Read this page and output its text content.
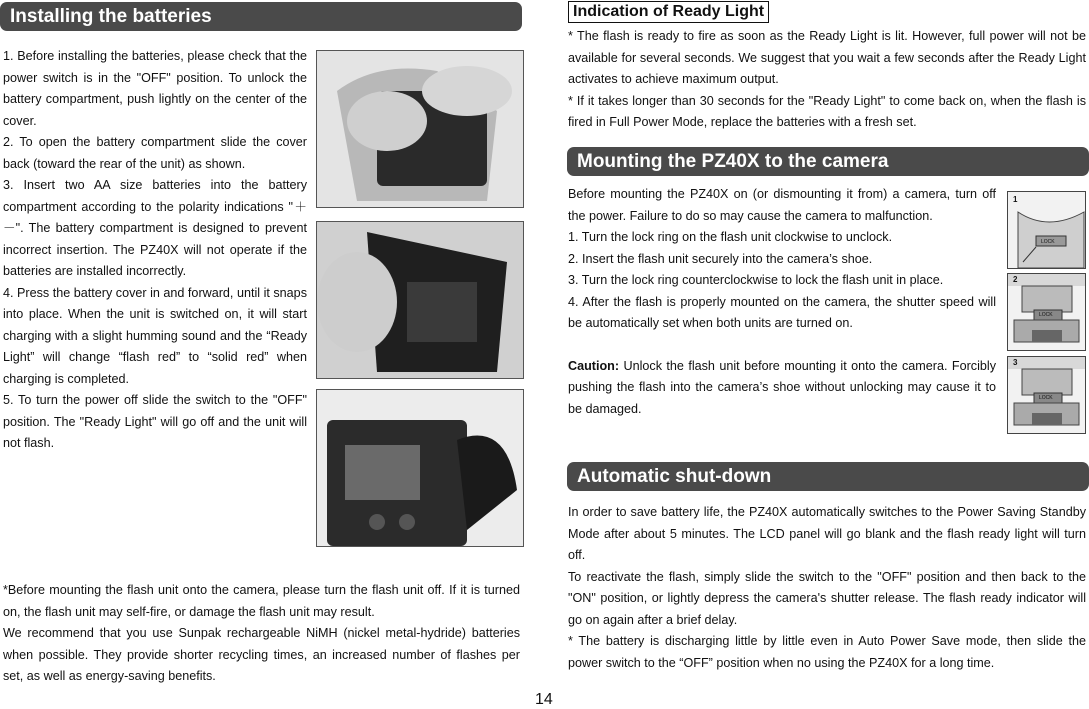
Installing the batteries

1. Before installing the batteries, please check that the power switch is in the "OFF" position. To unlock the battery compartment, push lightly on the center of the cover.

2. To open the battery compartment slide the cover back (toward the rear of the unit) as shown.

3. Insert two AA size batteries into the battery compartment according to the polarity indications "＋－". The battery compartment is designed to prevent incorrect insertion. The PZ40X will not operate if the batteries are installed incorrectly.

4. Press the battery cover in and forward, until it snaps into place. When the unit is switched on, it will start charging with a slight humming sound and the “Ready Light” will change “flash red” to “solid red” when charging is completed.

5. To turn the power off slide the switch to the "OFF" position. The "Ready Light" will go off and the unit will not flash.

*Before mounting the flash unit onto the camera, please turn the flash unit off. If it is turned on, the flash unit may self-fire, or damage the flash unit may result.

We recommend that you use Sunpak rechargeable NiMH (nickel metal-hydride) batteries when possible. They provide shorter recycling times, an increased number of flashes per set, as well as energy-saving benefits.

Indication of Ready Light

* The flash is ready to fire as soon as the Ready Light is lit. However, full power will not be available for several seconds. We suggest that you wait a few seconds after the Ready Light activates to achieve maximum output.

* If it takes longer than 30 seconds for the "Ready Light" to come back on, when the flash is fired in Full Power Mode, replace the batteries with a fresh set.

Mounting the PZ40X to the camera

Before mounting the PZ40X on (or dismounting it from) a camera, turn off the power. Failure to do so may cause the camera to malfunction.

1. Turn the lock ring on the flash unit clockwise to unclock.

2. Insert the flash unit securely into the camera’s shoe.

3. Turn the lock ring counterclockwise to lock the flash unit in place.

4. After the flash is properly mounted on the camera, the shutter speed will be automatically set when both units are turned on.

Caution: Unlock the flash unit before mounting it onto the camera. Forcibly pushing the flash into the camera’s shoe without unlocking may cause it to be damaged.

1
LOCK
2
LOCK
3
LOCK
Automatic shut-down

In order to save battery life, the PZ40X automatically switches to the Power Saving Standby Mode after about 5 minutes. The LCD panel will go blank and the flash ready light will turn off.

To reactivate the flash, simply slide the switch to the "OFF" position and then back to the "ON" position, or lightly depress the camera's shutter release. The flash ready indicator will go on again after a brief delay.

* The battery is discharging little by little even in Auto Power Save mode, then slide the power switch to the “OFF” position when no using the PZ40X for a long time.

14
